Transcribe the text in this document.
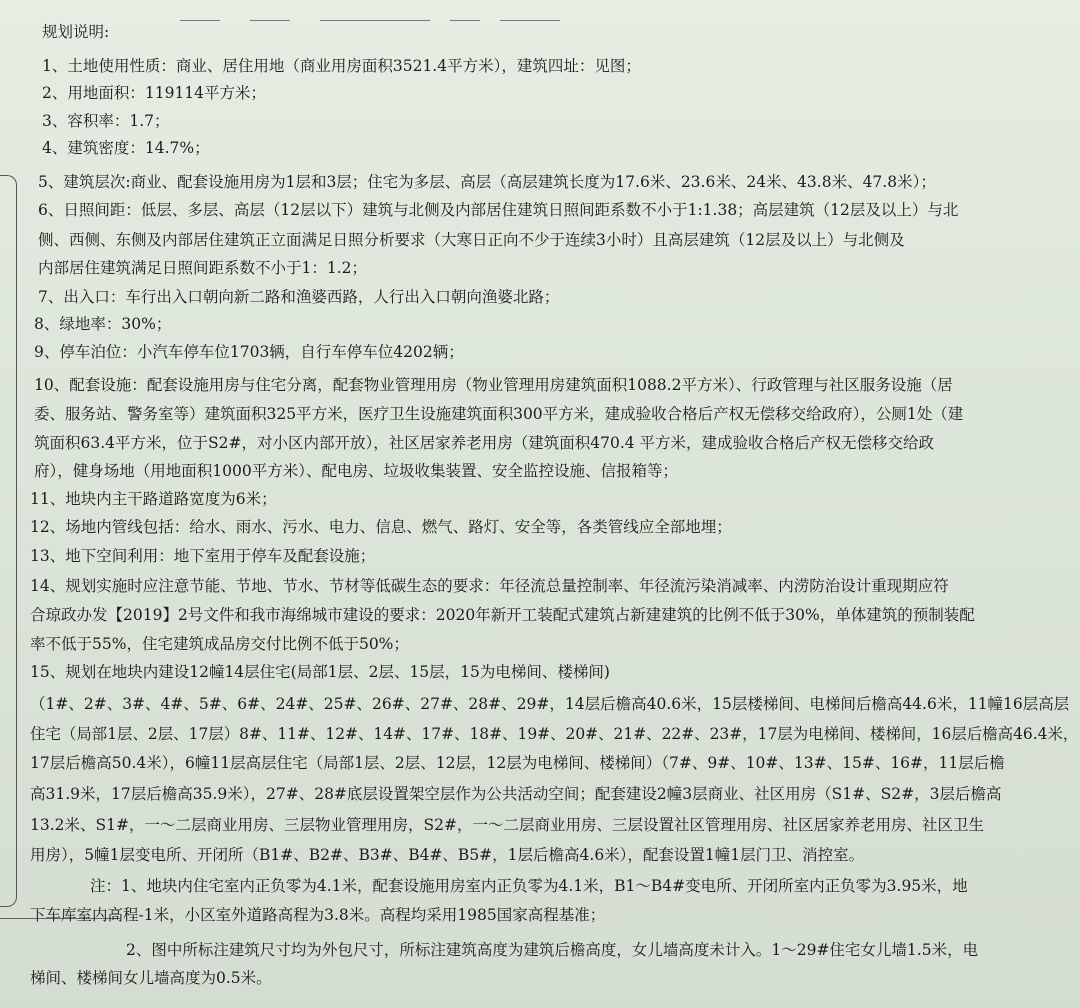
规划说明:
1、土地使用性质：商业、居住用地（商业用房面积3521.4平方米），建筑四址：见图；
2、用地面积：119114平方米；
3、容积率：1.7；
4、建筑密度：14.7%；
5、建筑层次:商业、配套设施用房为1层和3层；住宅为多层、高层（高层建筑长度为17.6米、23.6米、24米、43.8米、47.8米）；
6、日照间距：低层、多层、高层（12层以下）建筑与北侧及内部居住建筑日照间距系数不小于1:1.38；高层建筑（12层及以上）与北
侧、西侧、东侧及内部居住建筑正立面满足日照分析要求（大寒日正向不少于连续3小时）且高层建筑（12层及以上）与北侧及
内部居住建筑满足日照间距系数不小于1：1.2；
7、出入口：车行出入口朝向新二路和渔婆西路，人行出入口朝向渔婆北路；
8、绿地率：30%；
9、停车泊位：小汽车停车位1703辆，自行车停车位4202辆；
10、配套设施：配套设施用房与住宅分离，配套物业管理用房（物业管理用房建筑面积1088.2平方米）、行政管理与社区服务设施（居
委、服务站、警务室等）建筑面积325平方米，医疗卫生设施建筑面积300平方米，建成验收合格后产权无偿移交给政府），公厕1处（建
筑面积63.4平方米，位于S2#，对小区内部开放），社区居家养老用房（建筑面积470.4 平方米，建成验收合格后产权无偿移交给政
府），健身场地（用地面积1000平方米）、配电房、垃圾收集装置、安全监控设施、信报箱等；
11、地块内主干路道路宽度为6米；
12、场地内管线包括：给水、雨水、污水、电力、信息、燃气、路灯、安全等，各类管线应全部地埋；
13、地下空间利用：地下室用于停车及配套设施；
14、规划实施时应注意节能、节地、节水、节材等低碳生态的要求：年径流总量控制率、年径流污染消减率、内涝防治设计重现期应符
合琼政办发【2019】2号文件和我市海绵城市建设的要求：2020年新开工装配式建筑占新建建筑的比例不低于30%，单体建筑的预制装配
率不低于55%，住宅建筑成品房交付比例不低于50%；
15、规划在地块内建设12幢14层住宅(局部1层、2层、15层，15为电梯间、楼梯间)
（1#、2#、3#、4#、5#、6#、24#、25#、26#、27#、28#、29#，14层后檐高40.6米，15层楼梯间、电梯间后檐高44.6米，11幢16层高层
住宅（局部1层、2层、17层）8#、11#、12#、14#、17#、18#、19#、20#、21#、22#、23#，17层为电梯间、楼梯间，16层后檐高46.4米，
17层后檐高50.4米），6幢11层高层住宅（局部1层、2层、12层，12层为电梯间、楼梯间）（7#、9#、10#、13#、15#、16#，11层后檐
高31.9米，17层后檐高35.9米），27#、28#底层设置架空层作为公共活动空间；配套建设2幢3层商业、社区用房（S1#、S2#，3层后檐高
13.2米、S1#，一～二层商业用房、三层物业管理用房，S2#，一～二层商业用房、三层设置社区管理用房、社区居家养老用房、社区卫生
用房），5幢1层变电所、开闭所（B1#、B2#、B3#、B4#、B5#，1层后檐高4.6米），配套设置1幢1层门卫、消控室。
注：1、地块内住宅室内正负零为4.1米，配套设施用房室内正负零为4.1米，B1～B4#变电所、开闭所室内正负零为3.95米，地
下车库室内高程-1米，小区室外道路高程为3.8米。高程均采用1985国家高程基准；
2、图中所标注建筑尺寸均为外包尺寸，所标注建筑高度为建筑后檐高度，女儿墙高度未计入。1～29#住宅女儿墙1.5米，电
梯间、楼梯间女儿墙高度为0.5米。
